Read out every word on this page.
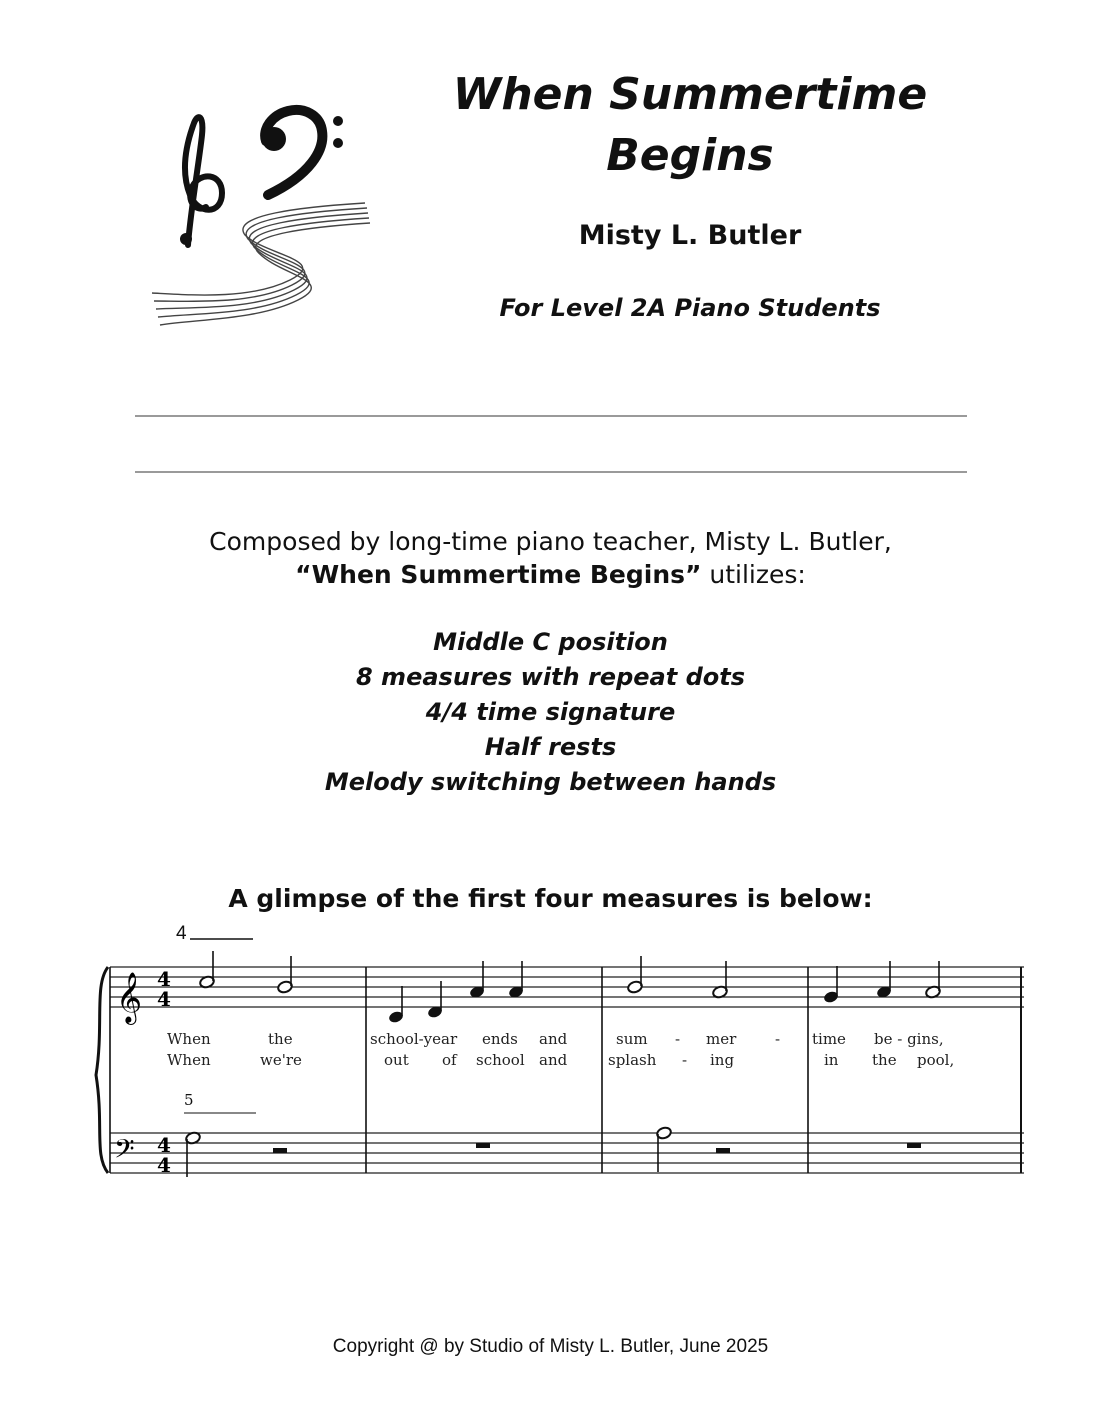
When Summertime Begins
Misty L. Butler
For Level 2A Piano Students
Composed by long-time piano teacher, Misty L. Butler,
“When Summertime Begins” utilizes:
Middle C position
8 measures with repeat dots
4/4 time signature
Half rests
Melody switching between hands
A glimpse of the first four measures is below:
4
5
𝄞
𝄢
4
4
4
4
When	the	school-year ends and	sum - mer	- time be - gins,
When	we're	out of school and	splash - ing	in the pool,
Copyright @ by Studio of Misty L. Butler, June 2025
